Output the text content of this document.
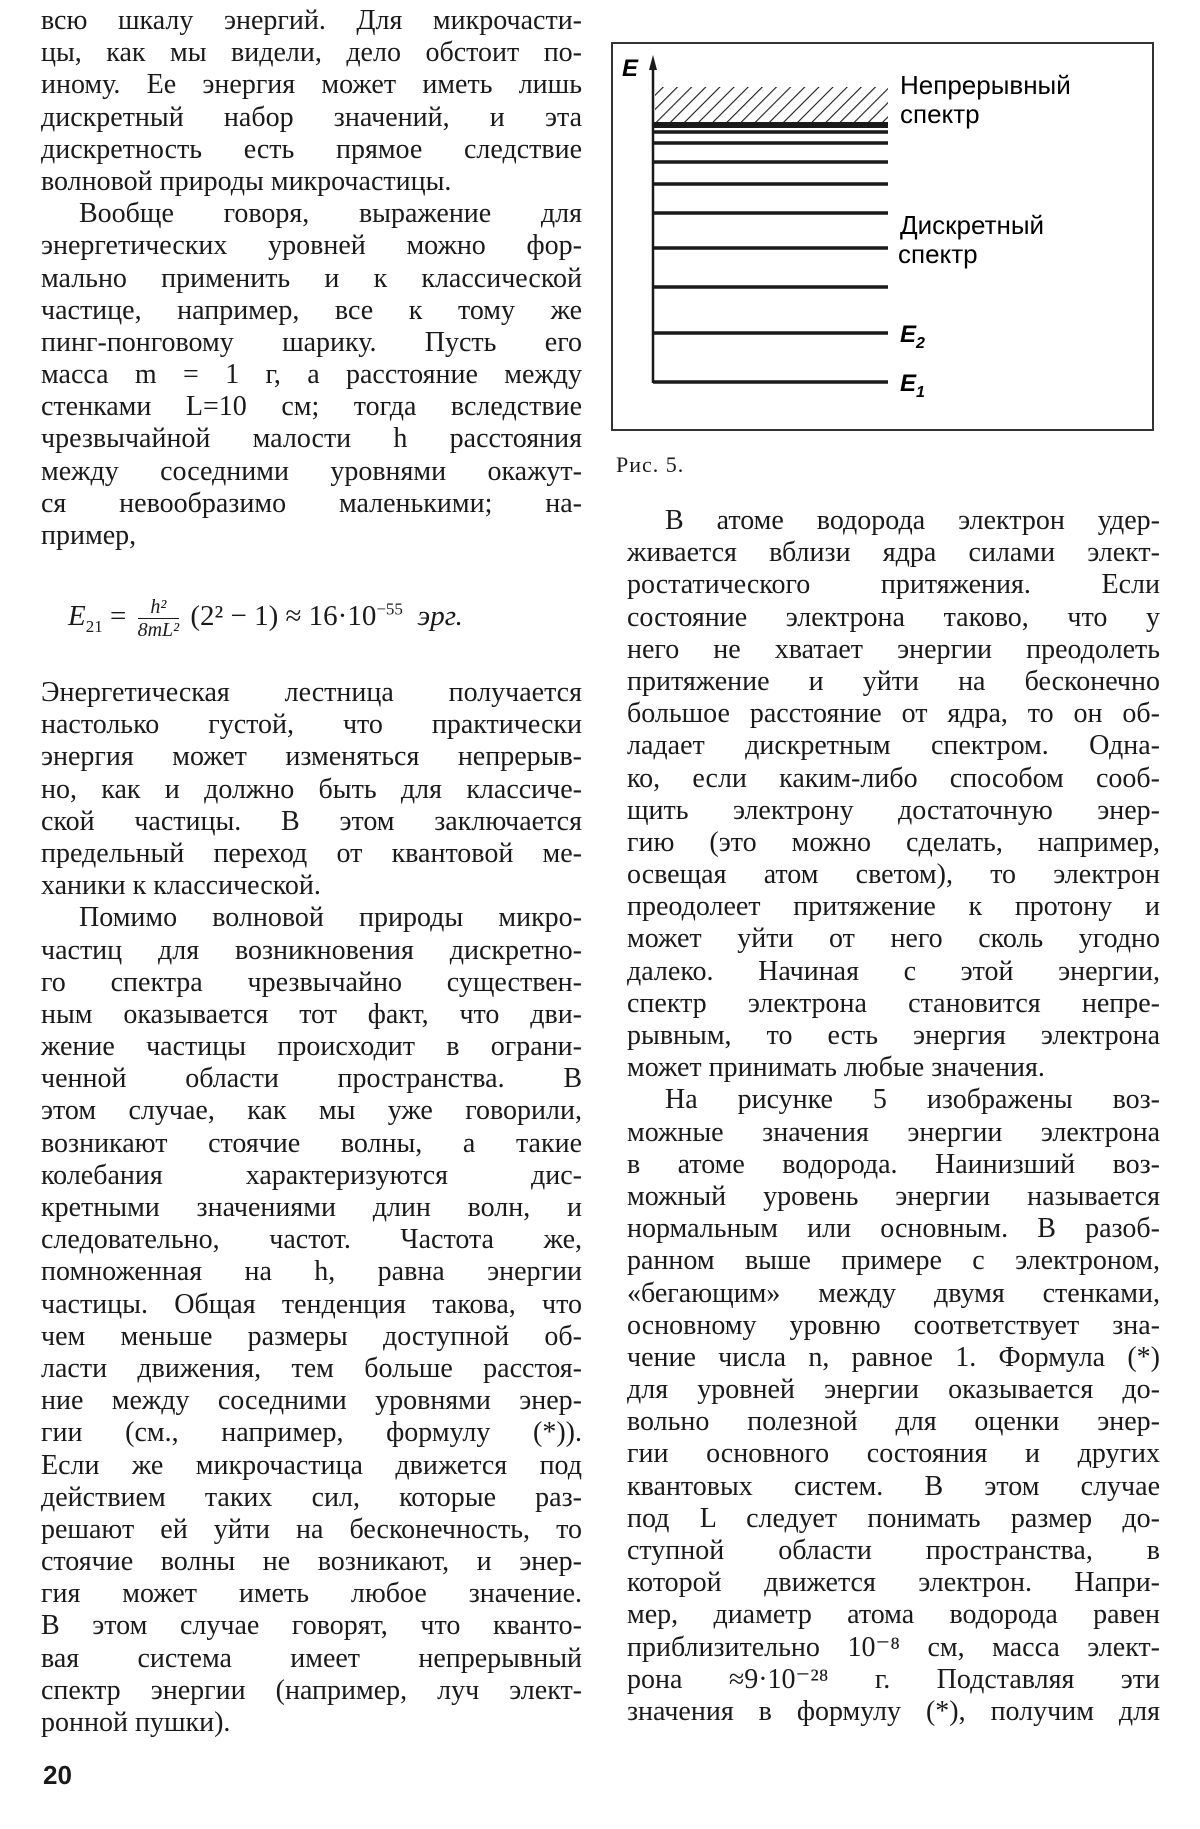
всю шкалу энергий. Для микрочасти-
цы, как мы видели, дело обстоит по-
иному. Ее энергия может иметь лишь
дискретный набор значений, и эта
дискретность есть прямое следствие
волновой природы микрочастицы.
Вообще говоря, выражение для
энергетических уровней можно фор-
мально применить и к классической
частице, например, все к тому же
пинг-понговому шарику. Пусть его
масса m = 1 г, а расстояние между
стенками L=10 см; тогда вследствие
чрезвычайной малости h расстояния
между соседними уровнями окажут-
ся невообразимо маленькими; на-
пример,
$E_{21} = \frac{\text{h²}}{\text{8mL²}} (2^2 - 1) \approx 16\cdot 10^{-55}$ эрг.
Энергетическая лестница получается
настолько густой, что практически
энергия может изменяться непрерыв-
но, как и должно быть для классиче-
ской частицы. В этом заключается
предельный переход от квантовой ме-
ханики к классической.
Помимо волновой природы микро-
частиц для возникновения дискретно-
го спектра чрезвычайно существен-
ным оказывается тот факт, что дви-
жение частицы происходит в ограни-
ченной области пространства. В
этом случае, как мы уже говорили,
возникают стоячие волны, а такие
колебания характеризуются дис-
кретными значениями длин волн, и
следовательно, частот. Частота же,
помноженная на h, равна энергии
частицы. Общая тенденция такова, что
чем меньше размеры доступной об-
ласти движения, тем больше расстоя-
ние между соседними уровнями энер-
гии (см., например, формулу (*)).
Если же микрочастица движется под
действием таких сил, которые раз-
решают ей уйти на бесконечность, то
стоячие волны не возникают, и энер-
гия может иметь любое значение.
В этом случае говорят, что кванто-
вая система имеет непрерывный
спектр энергии (например, луч элект-
ронной пушки).
E
Непрерывный
спектр
Дискретный
спектр
$E_2$
$E_1$
Рис. 5.
В атоме водорода электрон удер-
живается вблизи ядра силами элект-
ростатического притяжения. Если
состояние электрона таково, что у
него не хватает энергии преодолеть
притяжение и уйти на бесконечно
большое расстояние от ядра, то он об-
ладает дискретным спектром. Одна-
ко, если каким-либо способом сооб-
щить электрону достаточную энер-
гию (это можно сделать, например,
освещая атом светом), то электрон
преодолеет притяжение к протону и
может уйти от него сколь угодно
далеко. Начиная с этой энергии,
спектр электрона становится непре-
рывным, то есть энергия электрона
может принимать любые значения.
На рисунке 5 изображены воз-
можные значения энергии электрона
в атоме водорода. Наинизший воз-
можный уровень энергии называется
нормальным или основным. В разоб-
ранном выше примере с электроном,
«бегающим» между двумя стенками,
основному уровню соответствует зна-
чение числа n, равное 1. Формула (*)
для уровней энергии оказывается до-
вольно полезной для оценки энер-
гии основного состояния и других
квантовых систем. В этом случае
под L следует понимать размер до-
ступной области пространства, в
которой движется электрон. Напри-
мер, диаметр атома водорода равен
приблизительно 10⁻⁸ см, масса элект-
рона ≈9·10⁻²⁸ г. Подставляя эти
значения в формулу (*), получим для
20
